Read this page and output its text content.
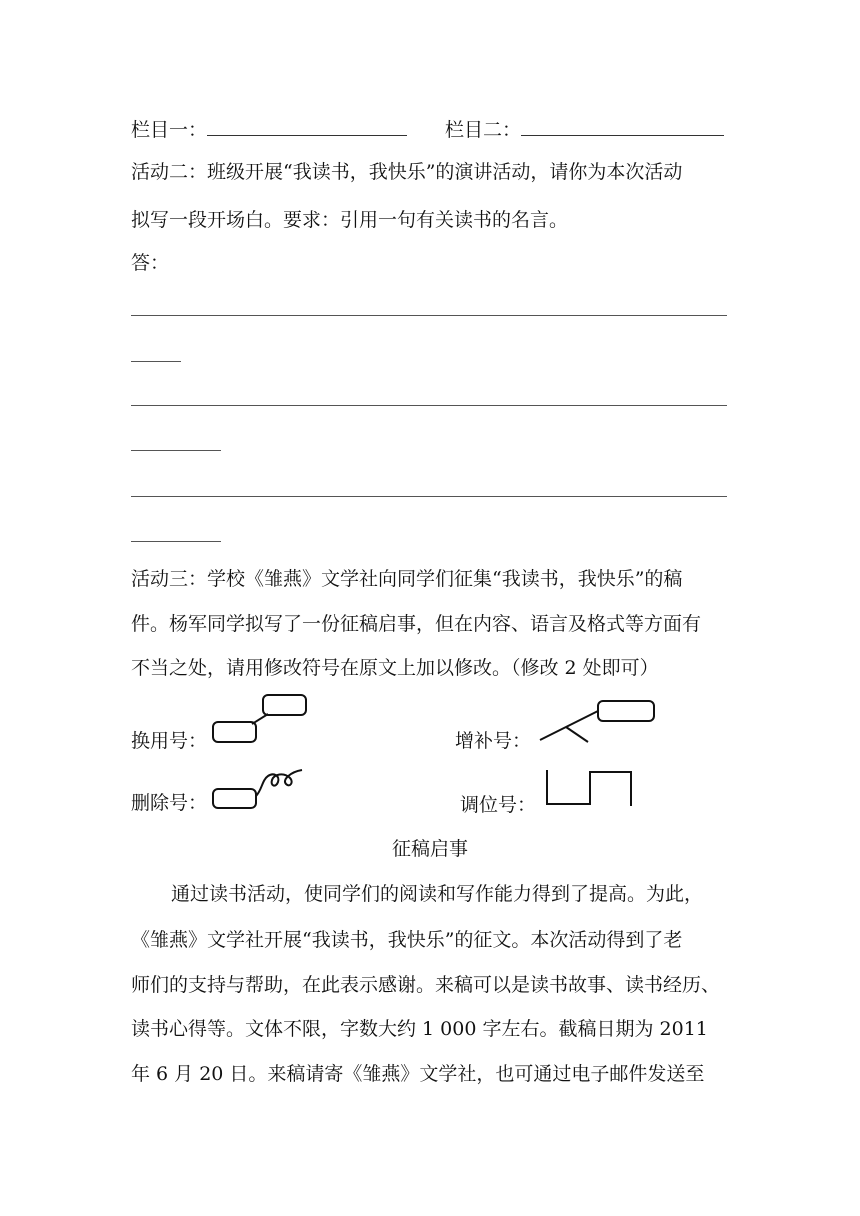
栏目一：	栏目二：
活动二：班级开展“我读书，我快乐”的演讲活动，请你为本次活动
拟写一段开场白。要求：引用一句有关读书的名言。
答：
活动三：学校《雏燕》文学社向同学们征集“我读书，我快乐”的稿
件。杨军同学拟写了一份征稿启事，但在内容、语言及格式等方面有
不当之处，请用修改符号在原文上加以修改。（修改 2 处即可）
换用号：	增补号：
删除号：	调位号：
征稿启事
通过读书活动，使同学们的阅读和写作能力得到了提高。为此，
《雏燕》文学社开展“我读书，我快乐”的征文。本次活动得到了老
师们的支持与帮助，在此表示感谢。来稿可以是读书故事、读书经历、
读书心得等。文体不限，字数大约 1 000 字左右。截稿日期为 2011
年 6 月 20 日。来稿请寄《雏燕》文学社，也可通过电子邮件发送至
